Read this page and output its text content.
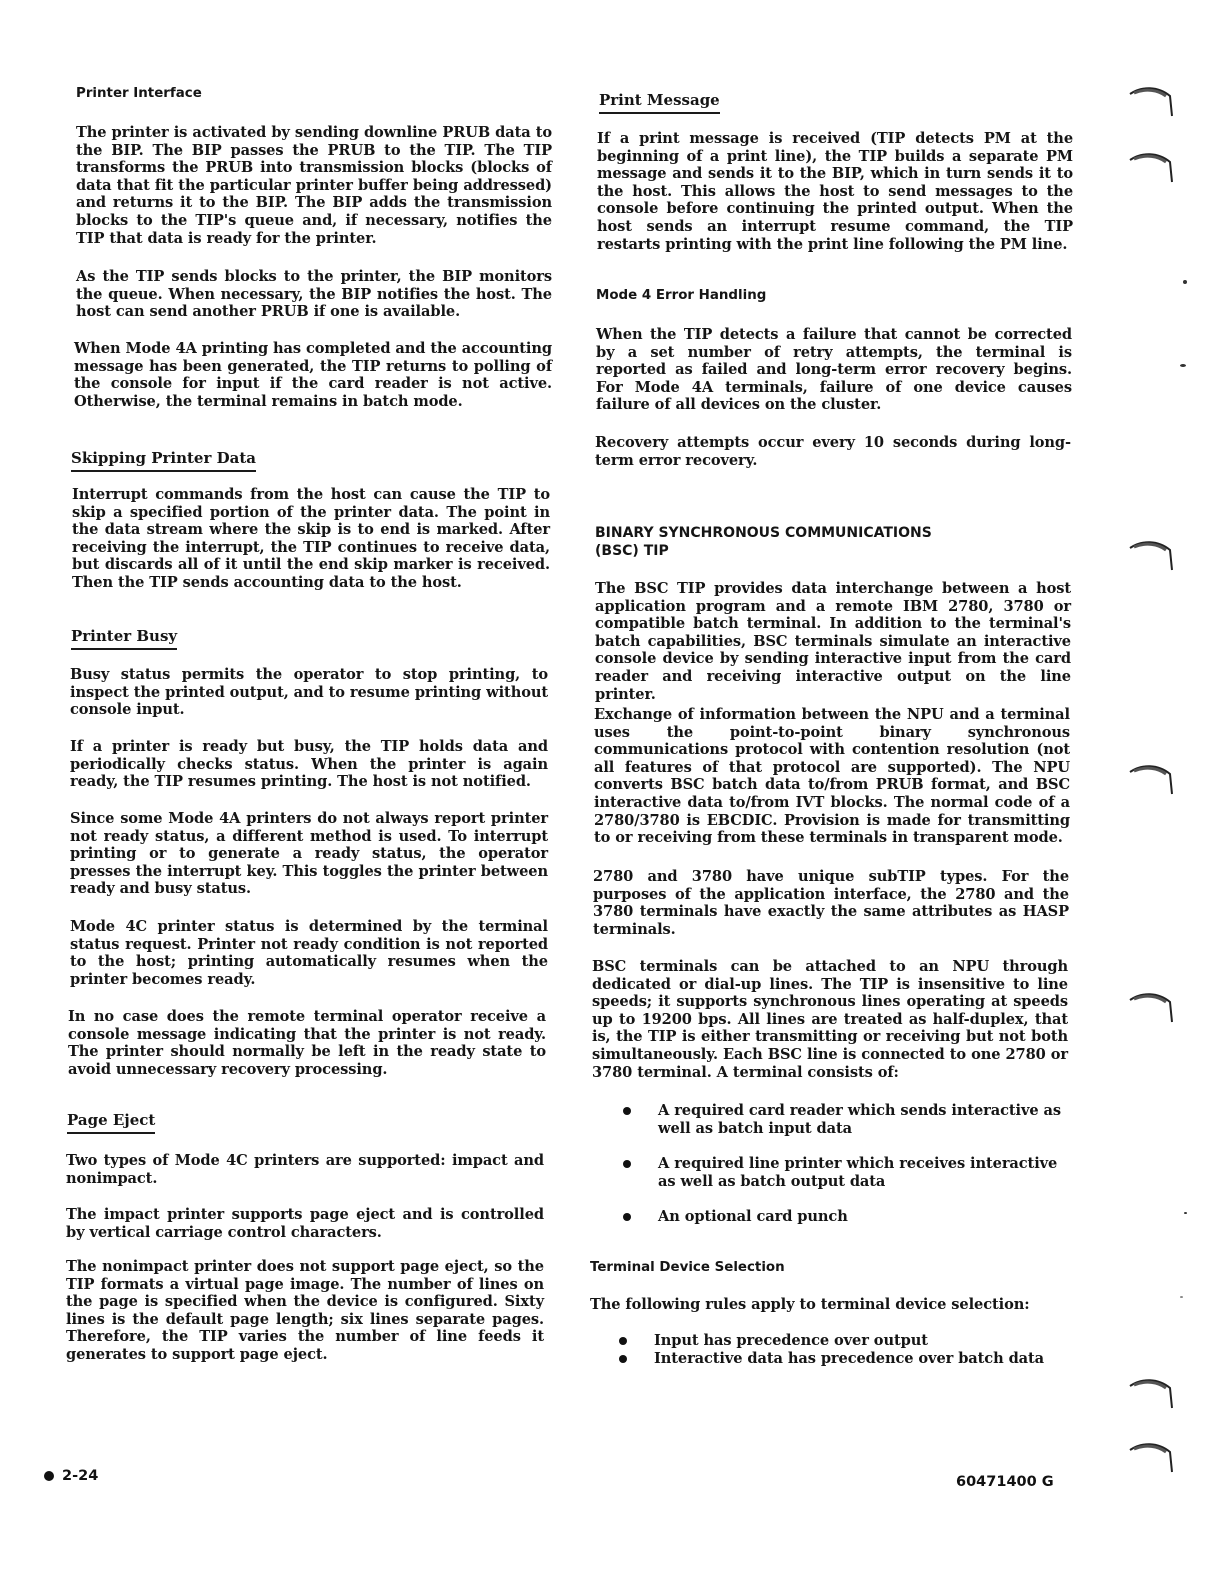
Printer Interface

The printer is activated by sending downline PRUB data to the BIP. The BIP passes the PRUB to the TIP. The TIP transforms the PRUB into transmission blocks (blocks of data that fit the particular printer buffer being addressed) and returns it to the BIP. The BIP adds the transmission blocks to the TIP's queue and, if necessary, notifies the TIP that data is ready for the printer.

As the TIP sends blocks to the printer, the BIP monitors the queue. When necessary, the BIP notifies the host. The host can send another PRUB if one is available.

When Mode 4A printing has completed and the accounting message has been generated, the TIP returns to polling of the console for input if the card reader is not active. Otherwise, the terminal remains in batch mode.

Skipping Printer Data

Interrupt commands from the host can cause the TIP to skip a specified portion of the printer data. The point in the data stream where the skip is to end is marked. After receiving the interrupt, the TIP continues to receive data, but discards all of it until the end skip marker is received. Then the TIP sends accounting data to the host.

Printer Busy

Busy status permits the operator to stop printing, to inspect the printed output, and to resume printing without console input.

If a printer is ready but busy, the TIP holds data and periodically checks status. When the printer is again ready, the TIP resumes printing. The host is not notified.

Since some Mode 4A printers do not always report printer not ready status, a different method is used. To interrupt printing or to generate a ready status, the operator presses the interrupt key. This toggles the printer between ready and busy status.

Mode 4C printer status is determined by the terminal status request. Printer not ready condition is not reported to the host; printing automatically resumes when the printer becomes ready.

In no case does the remote terminal operator receive a console message indicating that the printer is not ready. The printer should normally be left in the ready state to avoid unnecessary recovery processing.

Page Eject

Two types of Mode 4C printers are supported: impact and nonimpact.

The impact printer supports page eject and is controlled by vertical carriage control characters.

The nonimpact printer does not support page eject, so the TIP formats a virtual page image. The number of lines on the page is specified when the device is configured. Sixty lines is the default page length; six lines separate pages. Therefore, the TIP varies the number of line feeds it generates to support page eject.

Print Message

If a print message is received (TIP detects PM at the beginning of a print line), the TIP builds a separate PM message and sends it to the BIP, which in turn sends it to the host. This allows the host to send messages to the console before continuing the printed output. When the host sends an interrupt resume command, the TIP restarts printing with the print line following the PM line.

Mode 4 Error Handling

When the TIP detects a failure that cannot be corrected by a set number of retry attempts, the terminal is reported as failed and long-term error recovery begins. For Mode 4A terminals, failure of one device causes failure of all devices on the cluster.

Recovery attempts occur every 10 seconds during long-term error recovery.

BINARY SYNCHRONOUS COMMUNICATIONS
(BSC) TIP

The BSC TIP provides data interchange between a host application program and a remote IBM 2780, 3780 or compatible batch terminal. In addition to the terminal's batch capabilities, BSC terminals simulate an interactive console device by sending interactive input from the card reader and receiving interactive output on the line printer.

Exchange of information between the NPU and a terminal uses the point-to-point binary synchronous communications protocol with contention resolution (not all features of that protocol are supported). The NPU converts BSC batch data to/from PRUB format, and BSC interactive data to/from IVT blocks. The normal code of a 2780/3780 is EBCDIC. Provision is made for transmitting to or receiving from these terminals in transparent mode.

2780 and 3780 have unique subTIP types. For the purposes of the application interface, the 2780 and the 3780 terminals have exactly the same attributes as HASP terminals.

BSC terminals can be attached to an NPU through dedicated or dial-up lines. The TIP is insensitive to line speeds; it supports synchronous lines operating at speeds up to 19200 bps. All lines are treated as half-duplex, that is, the TIP is either transmitting or receiving but not both simultaneously. Each BSC line is connected to one 2780 or 3780 terminal. A terminal consists of:

A required card reader which sends interactive as well as batch input data
A required line printer which receives interactive as well as batch output data
An optional card punch
Terminal Device Selection

The following rules apply to terminal device selection:

Input has precedence over output
Interactive data has precedence over batch data
2-24	60471400 G
